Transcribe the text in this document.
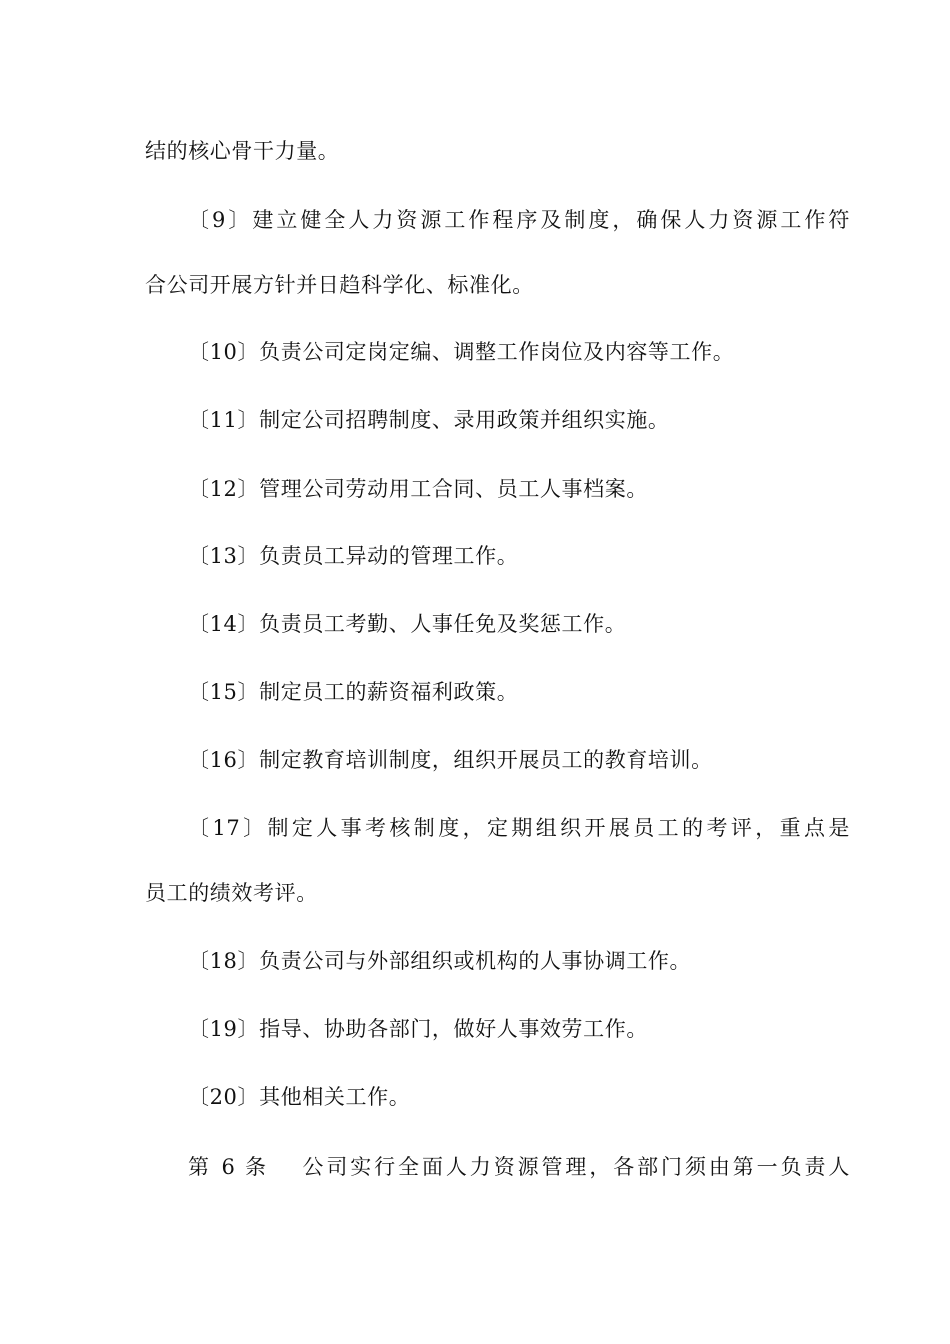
结的核心骨干力量。
〔9〕建立健全人力资源工作程序及制度，确保人力资源工作符
合公司开展方针并日趋科学化、标准化。
〔10〕负责公司定岗定编、调整工作岗位及内容等工作。
〔11〕制定公司招聘制度、录用政策并组织实施。
〔12〕管理公司劳动用工合同、员工人事档案。
〔13〕负责员工异动的管理工作。
〔14〕负责员工考勤、人事任免及奖惩工作。
〔15〕制定员工的薪资福利政策。
〔16〕制定教育培训制度，组织开展员工的教育培训。
〔17〕制定人事考核制度，定期组织开展员工的考评，重点是
员工的绩效考评。
〔18〕负责公司与外部组织或机构的人事协调工作。
〔19〕指导、协助各部门，做好人事效劳工作。
〔20〕其他相关工作。
第 6 条　 公司实行全面人力资源管理，各部门须由第一负责人
